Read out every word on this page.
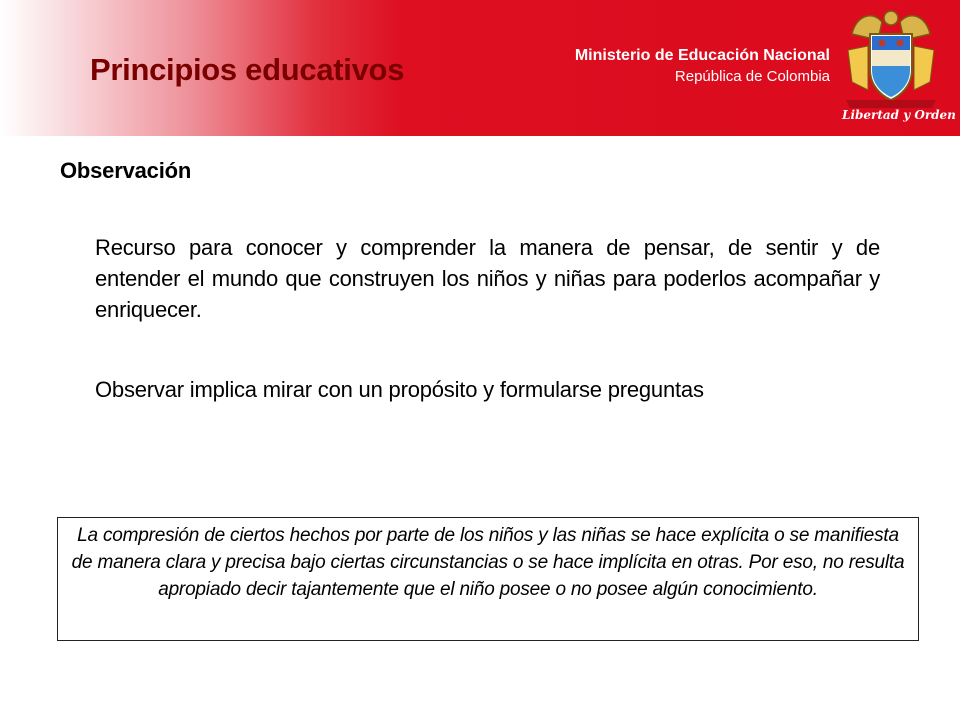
Principios educativos	Ministerio de Educación Nacional
República de Colombia
Libertad y Orden
Observación
Recurso para conocer y comprender la manera de pensar, de sentir y de entender el mundo que construyen los niños y niñas para poderlos acompañar y enriquecer.
Observar implica mirar con un propósito y formularse preguntas
La compresión de ciertos hechos por parte de los niños y las niñas se hace explícita o se manifiesta de manera clara y precisa bajo ciertas circunstancias o se hace implícita en otras. Por eso, no resulta apropiado decir tajantemente que el niño posee o no posee algún conocimiento.
